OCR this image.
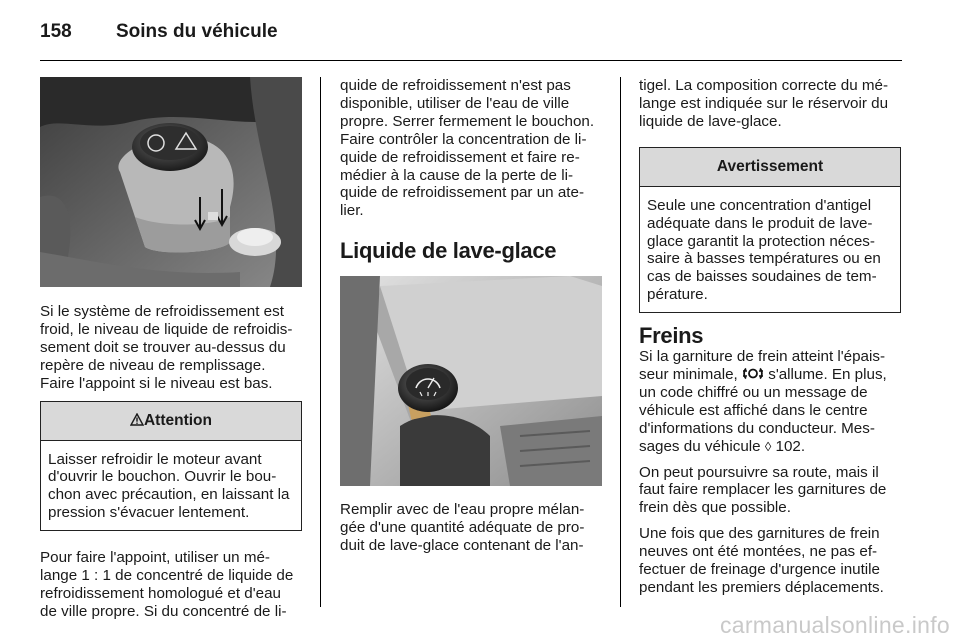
158 Soins du véhicule

Si le système de refroidissement est froid, le niveau de liquide de refroidissement doit se trouver au-dessus du repère de niveau de remplissage. Faire l'appoint si le niveau est bas.

Attention
Laisser refroidir le moteur avant d'ouvrir le bouchon. Ouvrir le bouchon avec précaution, en laissant la pression s'évacuer lentement.

Pour faire l'appoint, utiliser un mélange 1 : 1 de concentré de liquide de refroidissement homologué et d'eau de ville propre. Si du concentré de li-

quide de refroidissement n'est pas disponible, utiliser de l'eau de ville propre. Serrer fermement le bouchon. Faire contrôler la concentration de liquide de refroidissement et faire remédier à la cause de la perte de liquide de refroidissement par un atelier.

Liquide de lave-glace

Remplir avec de l'eau propre mélangée d'une quantité adéquate de produit de lave-glace contenant de l'an-

tigel. La composition correcte du mélange est indiquée sur le réservoir du liquide de lave-glace.

Avertissement
Seule une concentration d'antigel adéquate dans le produit de lave-glace garantit la protection nécessaire à basses températures ou en cas de baisses soudaines de température.
Freins

Si la garniture de frein atteint l'épaisseur minimale, s'allume. En plus, un code chiffré ou un message de véhicule est affiché dans le centre d'informations du conducteur. Messages du véhicule ◊ 102.

On peut poursuivre sa route, mais il faut faire remplacer les garnitures de frein dès que possible.

Une fois que des garnitures de frein neuves ont été montées, ne pas effectuer de freinage d'urgence inutile pendant les premiers déplacements.

carmanualsonline.info
